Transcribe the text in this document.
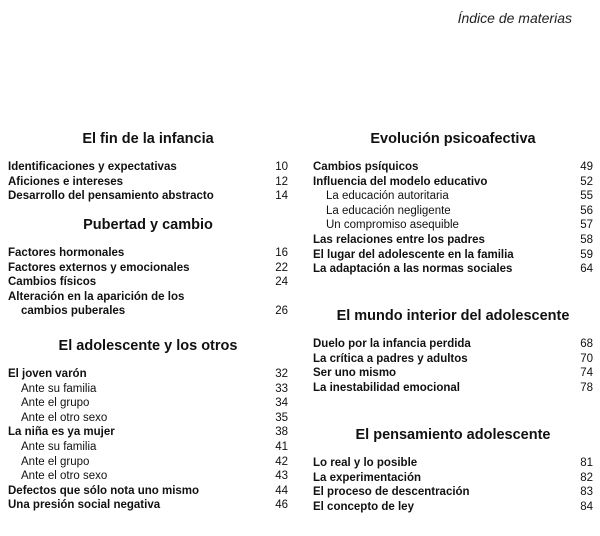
Índice de materias
El fin de la infancia
Identificaciones y expectativas	10
Aficiones e intereses	12
Desarrollo del pensamiento abstracto	14
Pubertad y cambio
Factores hormonales	16
Factores externos y emocionales	22
Cambios físicos	24
Alteración en la aparición de los
cambios puberales	26
El adolescente y los otros
El joven varón	32
Ante su familia	33
Ante el grupo	34
Ante el otro sexo	35
La niña es ya mujer	38
Ante su familia	41
Ante el grupo	42
Ante el otro sexo	43
Defectos que sólo nota uno mismo	44
Una presión social negativa	46
Evolución psicoafectiva
Cambios psíquicos	49
Influencia del modelo educativo	52
La educación autoritaria	55
La educación negligente	56
Un compromiso asequible	57
Las relaciones entre los padres	58
El lugar del adolescente en la familia	59
La adaptación a las normas sociales	64
El mundo interior del adolescente
Duelo por la infancia perdida	68
La crítica a padres y adultos	70
Ser uno mismo	74
La inestabilidad emocional	78
El pensamiento adolescente
Lo real y lo posible	81
La experimentación	82
El proceso de descentración	83
El concepto de ley	84
